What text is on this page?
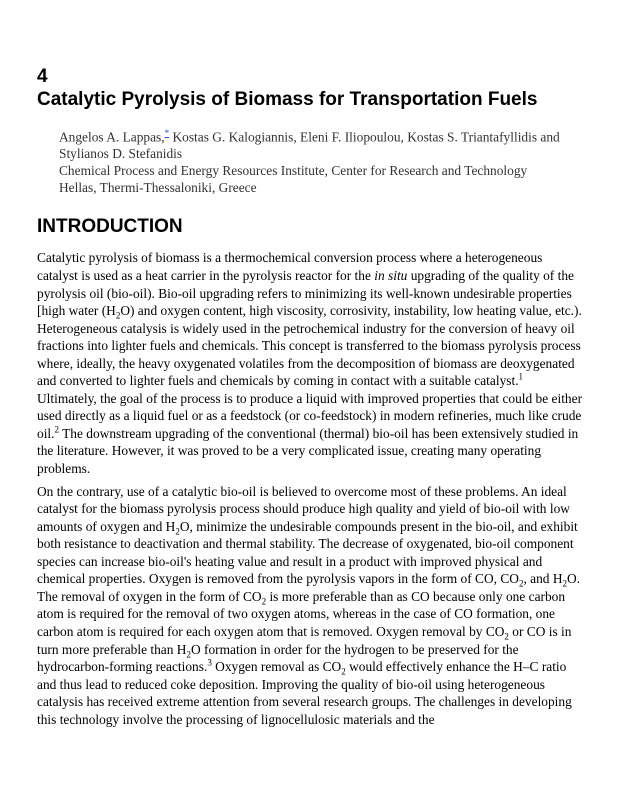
4
Catalytic Pyrolysis of Biomass for Transportation Fuels
Angelos A. Lappas,* Kostas G. Kalogiannis, Eleni F. Iliopoulou, Kostas S. Triantafyllidis and Stylianos D. Stefanidis
Chemical Process and Energy Resources Institute, Center for Research and Technology
Hellas, Thermi-Thessaloniki, Greece
INTRODUCTION

Catalytic pyrolysis of biomass is a thermochemical conversion process where a heterogeneous catalyst is used as a heat carrier in the pyrolysis reactor for the in situ upgrading of the quality of the pyrolysis oil (bio-oil). Bio-oil upgrading refers to minimizing its well-known undesirable properties [high water $(H_2O)$ and oxygen content, high viscosity, corrosivity, instability, low heating value, etc.). Heterogeneous catalysis is widely used in the petrochemical industry for the conversion of heavy oil fractions into lighter fuels and chemicals. This concept is transferred to the biomass pyrolysis process where, ideally, the heavy oxygenated volatiles from the decomposition of biomass are deoxygenated and converted to lighter fuels and chemicals by coming in contact with a suitable catalyst.$^1$ Ultimately, the goal of the process is to produce a liquid with improved properties that could be either used directly as a liquid fuel or as a feedstock (or co-feedstock) in modern refineries, much like crude oil.$^2$ The downstream upgrading of the conventional (thermal) bio-oil has been extensively studied in the literature. However, it was proved to be a very complicated issue, creating many operating problems.

On the contrary, use of a catalytic bio-oil is believed to overcome most of these problems. An ideal catalyst for the biomass pyrolysis process should produce high quality and yield of bio-oil with low amounts of oxygen and $H_2O$, minimize the undesirable compounds present in the bio-oil, and exhibit both resistance to deactivation and thermal stability. The decrease of oxygenated, bio-oil component species can increase bio-oil's heating value and result in a product with improved physical and chemical properties. Oxygen is removed from the pyrolysis vapors in the form of CO, $CO_2$, and $H_2O$. The removal of oxygen in the form of $CO_2$ is more preferable than as CO because only one carbon atom is required for the removal of two oxygen atoms, whereas in the case of CO formation, one carbon atom is required for each oxygen atom that is removed. Oxygen removal by $CO_2$ or CO is in turn more preferable than $H_2O$ formation in order for the hydrogen to be preserved for the hydrocarbon-forming reactions.$^3$ Oxygen removal as $CO_2$ would effectively enhance the H–C ratio and thus lead to reduced coke deposition. Improving the quality of bio-oil using heterogeneous catalysis has received extreme attention from several research groups. The challenges in developing this technology involve the processing of lignocellulosic materials and the
